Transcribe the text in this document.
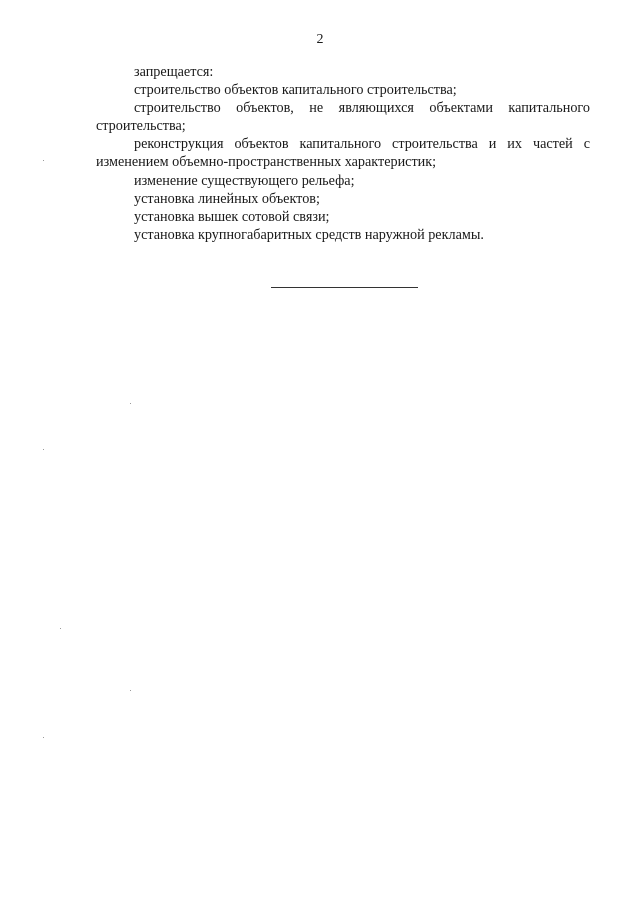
2

запрещается:

строительство объектов капитального строительства;

строительство объектов, не являющихся объектами капитального строительства;

реконструкция объектов капитального строительства и их частей с изменением объемно-пространственных характеристик;

изменение существующего рельефа;

установка линейных объектов;

установка вышек сотовой связи;

установка крупногабаритных средств наружной рекламы.
